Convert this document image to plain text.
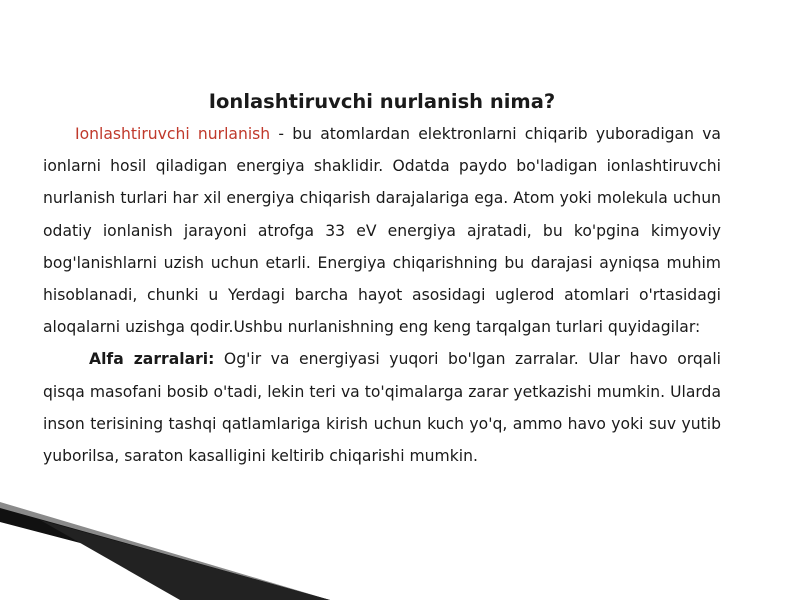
Ionlashtiruvchi nurlanish nima?

Ionlashtiruvchi nurlanish - bu atomlardan elektronlarni chiqarib yuboradigan va ionlarni hosil qiladigan energiya shaklidir. Odatda paydo bo'ladigan ionlashtiruvchi nurlanish turlari har xil energiya chiqarish darajalariga ega. Atom yoki molekula uchun odatiy ionlanish jarayoni atrofga 33 eV energiya ajratadi, bu ko'pgina kimyoviy bog'lanishlarni uzish uchun etarli. Energiya chiqarishning bu darajasi ayniqsa muhim hisoblanadi, chunki u Yerdagi barcha hayot asosidagi uglerod atomlari o'rtasidagi aloqalarni uzishga qodir.Ushbu nurlanishning eng keng tarqalgan turlari quyidagilar:

Alfa zarralari: Og'ir va energiyasi yuqori bo'lgan zarralar. Ular havo orqali qisqa masofani bosib o'tadi, lekin teri va to'qimalarga zarar yetkazishi mumkin. Ularda inson terisining tashqi qatlamlariga kirish uchun kuch yo'q, ammo havo yoki suv yutib yuborilsa, saraton kasalligini keltirib chiqarishi mumkin.
